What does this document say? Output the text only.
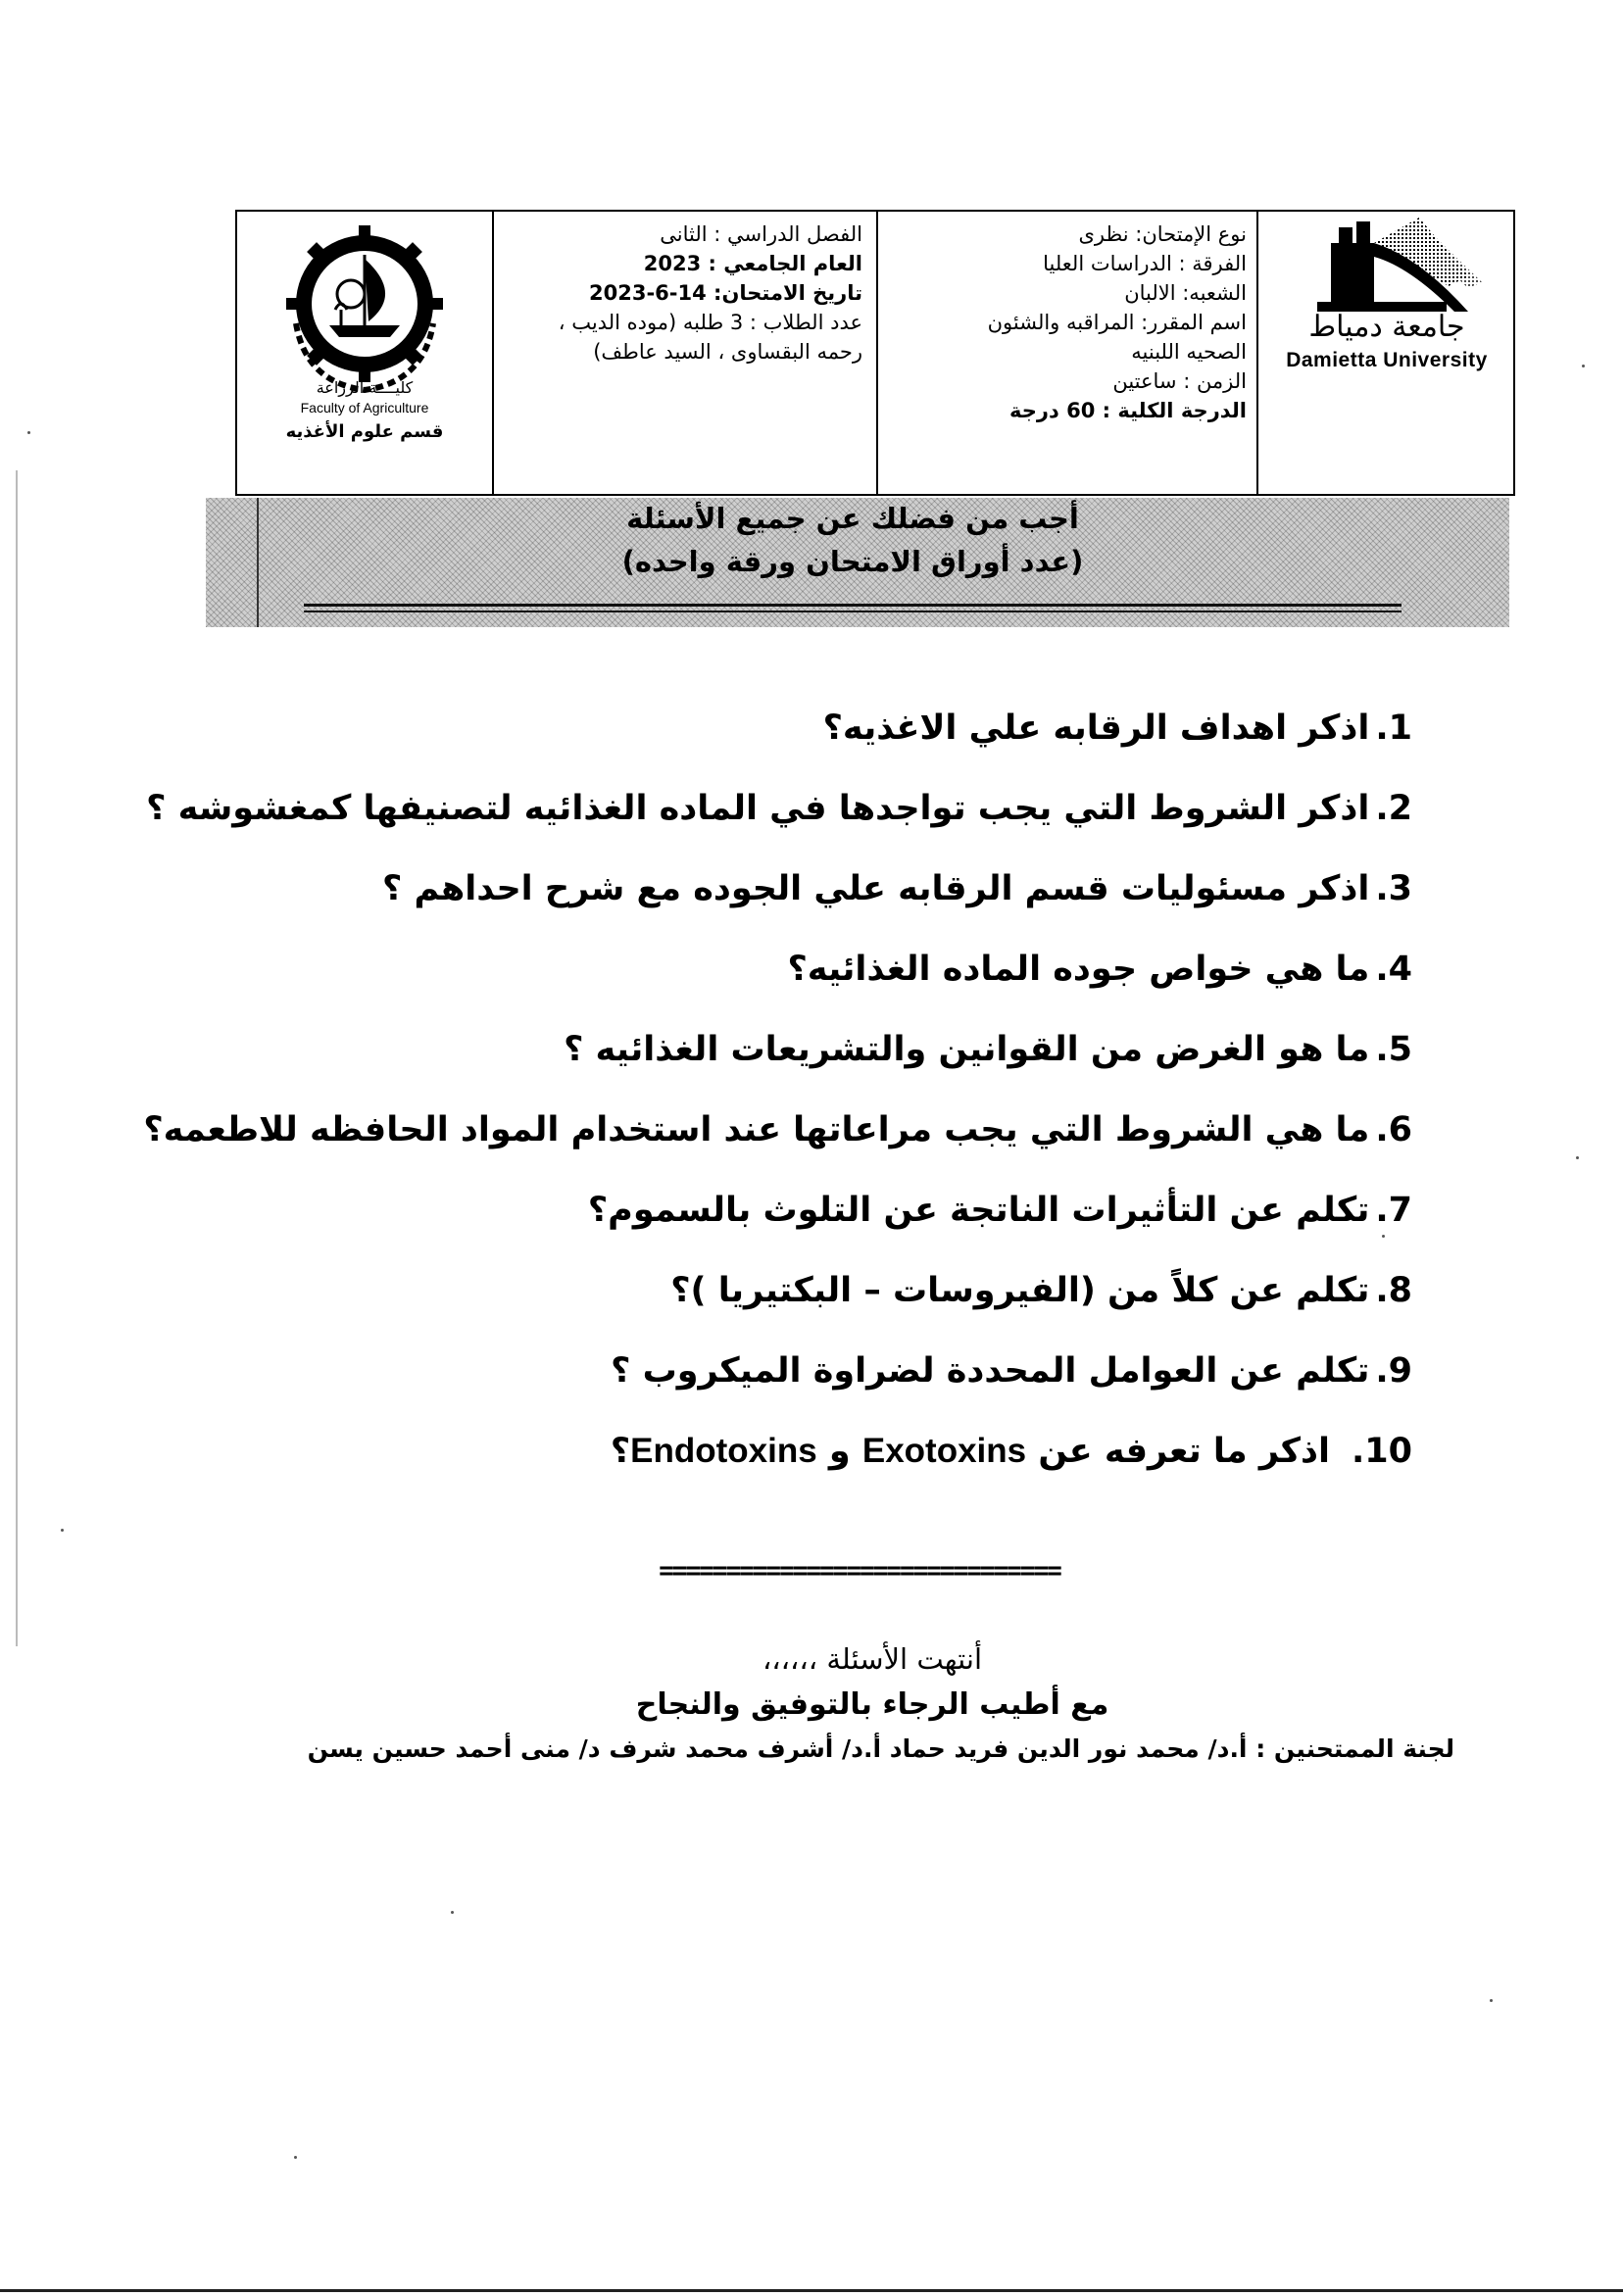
جامعة دمياط
Damietta University
نوع الإمتحان: نظرى
الفرقة : الدراسات العليا
الشعبه: الالبان
اسم المقرر: المراقبه والشئون
الصحيه اللبنيه
الزمن : ساعتين
الدرجة الكلية : 60 درجة
الفصل الدراسي : الثانى
العام الجامعي : 2023
تاريخ الامتحان: 14-6-2023
عدد الطلاب : 3 طلبه (موده الديب ،
رحمه البقساوى ، السيد عاطف)
كليــــة الزراعة
Faculty of Agriculture
قسم علوم الأغذيه
أجب من فضلك عن جميع الأسئلة
(عدد أوراق الامتحان ورقة واحده)
1.اذكر اهداف الرقابه علي الاغذيه؟
2.اذكر الشروط التي يجب تواجدها في الماده الغذائيه لتصنيفها كمغشوشه ؟
3.اذكر مسئوليات قسم الرقابه علي الجوده مع شرح احداهم ؟
4.ما هي خواص جوده الماده الغذائيه؟
5.ما هو الغرض من القوانين والتشريعات الغذائيه ؟
6.ما هي الشروط التي يجب مراعاتها عند استخدام المواد الحافظه للاطعمه؟
7.تكلم عن التأثيرات الناتجة عن التلوث بالسموم؟
8.تكلم عن كلاً من (الفيروسات – البكتيريا )؟
9.تكلم عن العوامل المحددة لضراوة الميكروب ؟
10.اذكر ما تعرفه عن Exotoxins و Endotoxins؟
==============================
أنتهت الأسئلة ،،،،،،
مع أطيب الرجاء بالتوفيق والنجاح
لجنة الممتحنين : أ.د/ محمد نور الدين فريد حماد أ.د/ أشرف محمد شرف د/ منى أحمد حسين يسن
